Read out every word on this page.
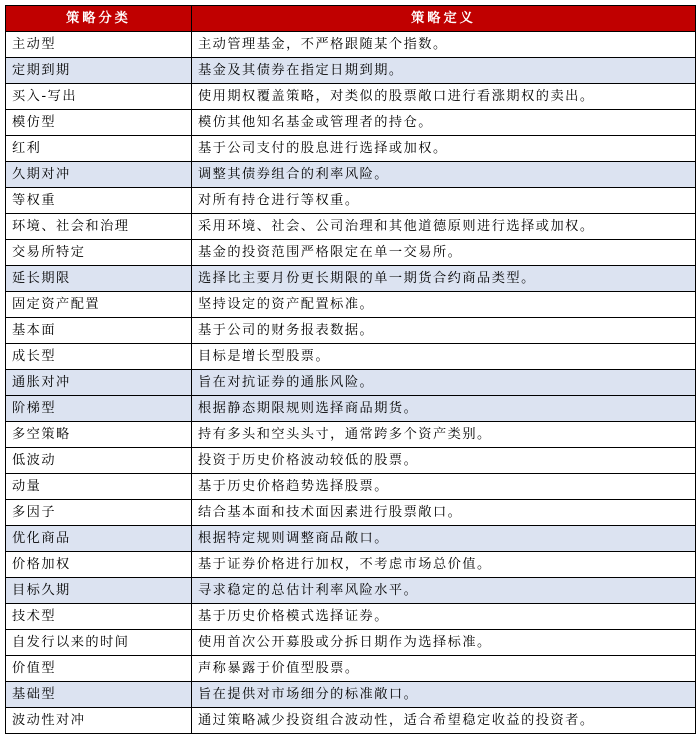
策略分类	策略定义
主动型	主动管理基金，不严格跟随某个指数。
定期到期	基金及其债券在指定日期到期。
买入-写出	使用期权覆盖策略，对类似的股票敞口进行看涨期权的卖出。
模仿型	模仿其他知名基金或管理者的持仓。
红利	基于公司支付的股息进行选择或加权。
久期对冲	调整其债券组合的利率风险。
等权重	对所有持仓进行等权重。
环境、社会和治理	采用环境、社会、公司治理和其他道德原则进行选择或加权。
交易所特定	基金的投资范围严格限定在单一交易所。
延长期限	选择比主要月份更长期限的单一期货合约商品类型。
固定资产配置	坚持设定的资产配置标准。
基本面	基于公司的财务报表数据。
成长型	目标是增长型股票。
通胀对冲	旨在对抗证券的通胀风险。
阶梯型	根据静态期限规则选择商品期货。
多空策略	持有多头和空头头寸，通常跨多个资产类别。
低波动	投资于历史价格波动较低的股票。
动量	基于历史价格趋势选择股票。
多因子	结合基本面和技术面因素进行股票敞口。
优化商品	根据特定规则调整商品敞口。
价格加权	基于证券价格进行加权，不考虑市场总价值。
目标久期	寻求稳定的总估计利率风险水平。
技术型	基于历史价格模式选择证券。
自发行以来的时间	使用首次公开募股或分拆日期作为选择标准。
价值型	声称暴露于价值型股票。
基础型	旨在提供对市场细分的标准敞口。
波动性对冲	通过策略减少投资组合波动性，适合希望稳定收益的投资者。
